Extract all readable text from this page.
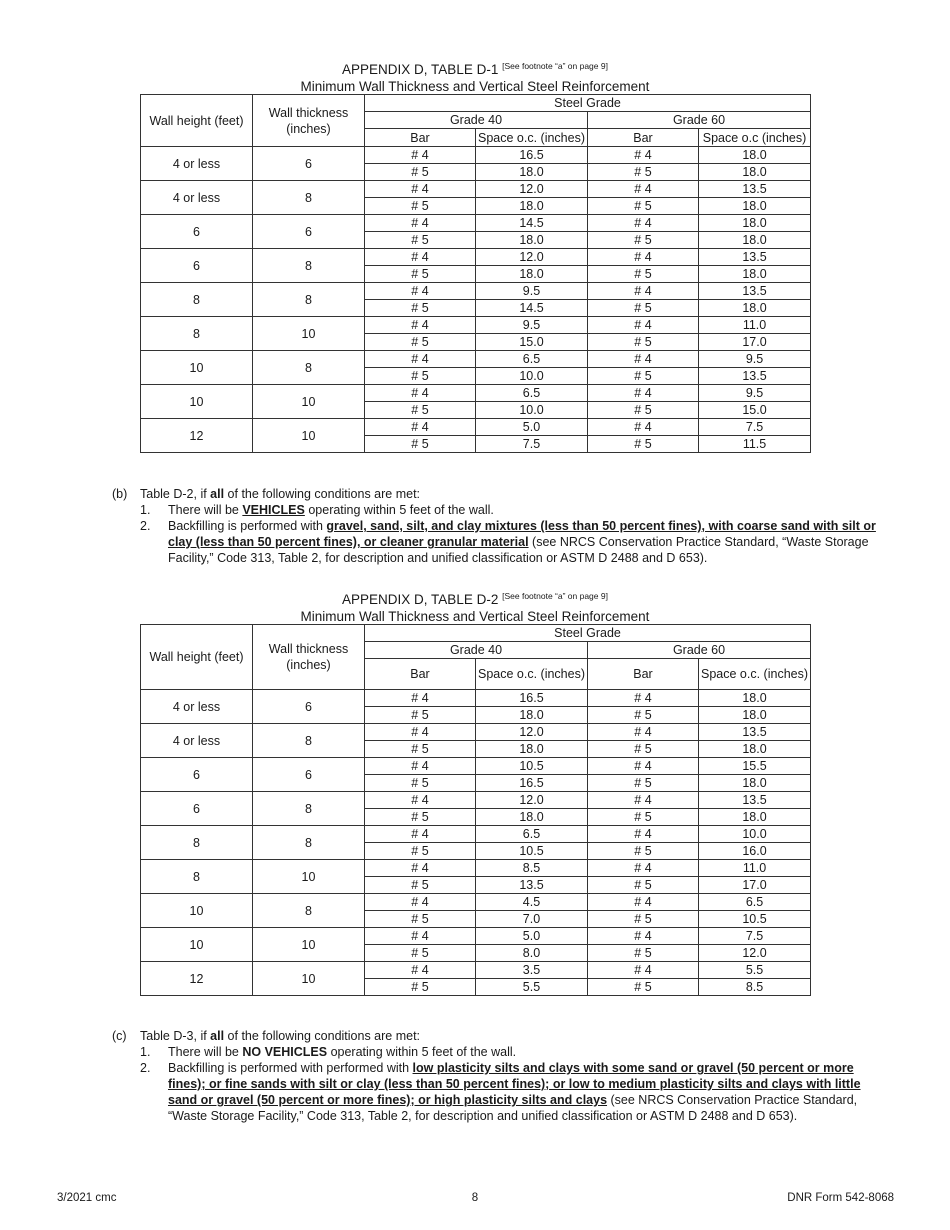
APPENDIX D, TABLE D-1 [See footnote “a” on page 9]
Minimum Wall Thickness and Vertical Steel Reinforcement
Wall height (feet)	Wall thickness (inches)	Steel Grade			
		Grade 40		Grade 60	
		Bar	Space o.c. (inches)	Bar	Space o.c (inches)
4 or less	6	# 4	16.5	# 4	18.0
		# 5	18.0	# 5	18.0
4 or less	8	# 4	12.0	# 4	13.5
		# 5	18.0	# 5	18.0
6	6	# 4	14.5	# 4	18.0
		# 5	18.0	# 5	18.0
6	8	# 4	12.0	# 4	13.5
		# 5	18.0	# 5	18.0
8	8	# 4	9.5	# 4	13.5
		# 5	14.5	# 5	18.0
8	10	# 4	9.5	# 4	11.0
		# 5	15.0	# 5	17.0
10	8	# 4	6.5	# 4	9.5
		# 5	10.0	# 5	13.5
10	10	# 4	6.5	# 4	9.5
		# 5	10.0	# 5	15.0
12	10	# 4	5.0	# 4	7.5
		# 5	7.5	# 5	11.5
(b)	Table D-2, if all of the following conditions are met:
1.	There will be VEHICLES operating within 5 feet of the wall.
2.	Backfilling is performed with gravel, sand, silt, and clay mixtures (less than 50 percent fines), with coarse sand with silt or clay (less than 50 percent fines), or cleaner granular material (see NRCS Conservation Practice Standard, “Waste Storage Facility,” Code 313, Table 2, for description and unified classification or ASTM D 2488 and D 653).
APPENDIX D, TABLE D-2 [See footnote “a” on page 9]
Minimum Wall Thickness and Vertical Steel Reinforcement
Wall height (feet)	Wall thickness (inches)	Steel Grade			
		Grade 40		Grade 60	
		Bar	Space o.c. (inches)	Bar	Space o.c. (inches)
4 or less	6	# 4	16.5	# 4	18.0
		# 5	18.0	# 5	18.0
4 or less	8	# 4	12.0	# 4	13.5
		# 5	18.0	# 5	18.0
6	6	# 4	10.5	# 4	15.5
		# 5	16.5	# 5	18.0
6	8	# 4	12.0	# 4	13.5
		# 5	18.0	# 5	18.0
8	8	# 4	6.5	# 4	10.0
		# 5	10.5	# 5	16.0
8	10	# 4	8.5	# 4	11.0
		# 5	13.5	# 5	17.0
10	8	# 4	4.5	# 4	6.5
		# 5	7.0	# 5	10.5
10	10	# 4	5.0	# 4	7.5
		# 5	8.0	# 5	12.0
12	10	# 4	3.5	# 4	5.5
		# 5	5.5	# 5	8.5
(c)	Table D-3, if all of the following conditions are met:
1.	There will be NO VEHICLES operating within 5 feet of the wall.
2.	Backfilling is performed with performed with low plasticity silts and clays with some sand or gravel (50 percent or more fines); or fine sands with silt or clay (less than 50 percent fines); or low to medium plasticity silts and clays with little sand or gravel (50 percent or more fines); or high plasticity silts and clays (see NRCS Conservation Practice Standard, “Waste Storage Facility,” Code 313, Table 2, for description and unified classification or ASTM D 2488 and D 653).
3/2021 cmc	8	DNR Form 542-8068
